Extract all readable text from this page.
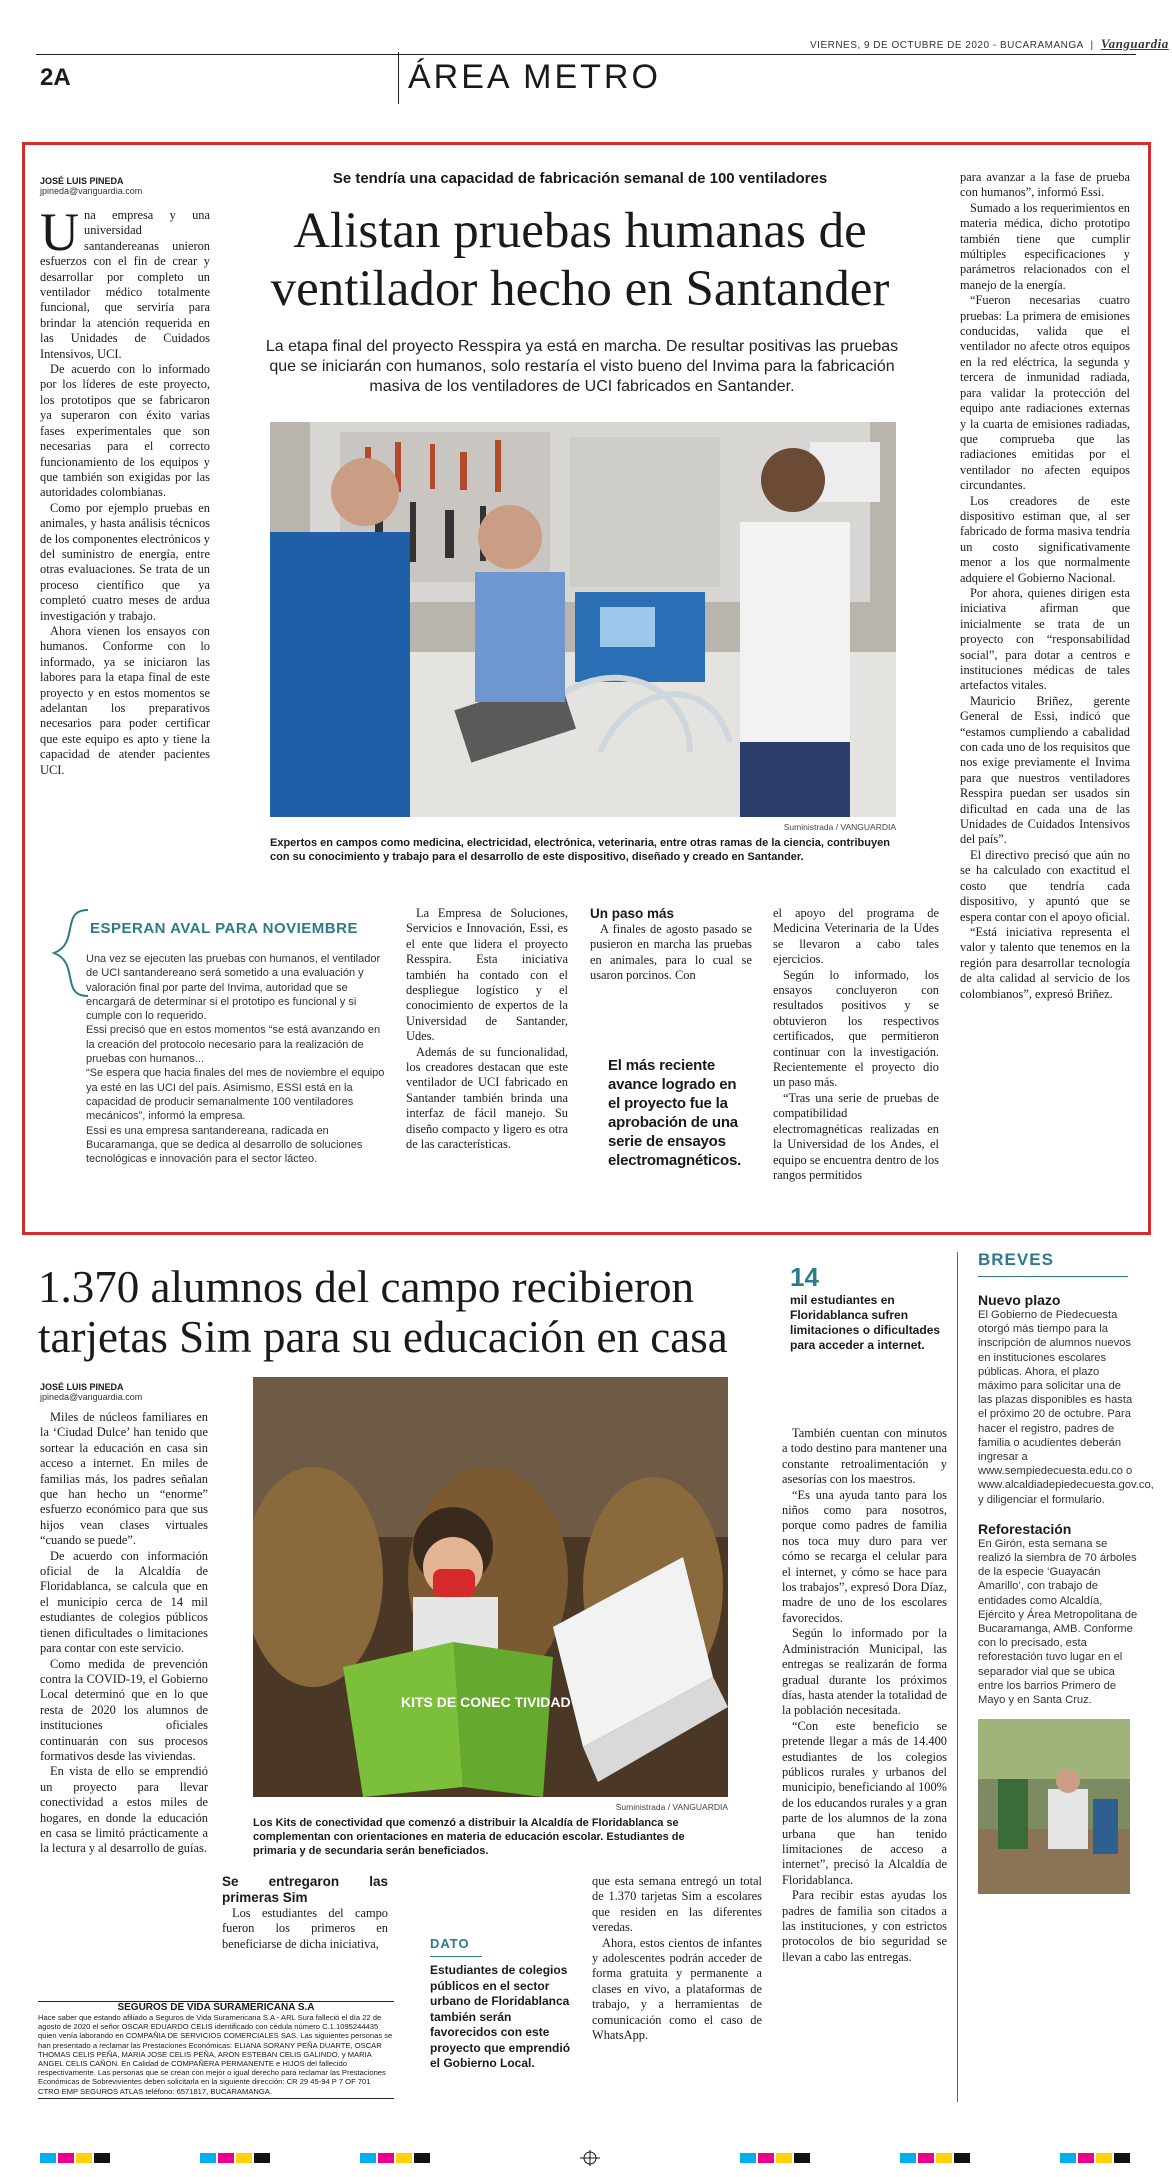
VIERNES, 9 DE OCTUBRE DE 2020 - BUCARAMANGA | Vanguardia
2A	ÁREA METRO
JOSÉ LUIS PINEDA
jpineda@vanguardia.com
U na empresa y una universidad santandereanas unieron esfuerzos con el fin de crear y desarrollar por completo un ventilador médico totalmente funcional, que serviría para brindar la atención requerida en las Unidades de Cuidados Intensivos, UCI.

De acuerdo con lo informado por los líderes de este proyecto, los prototipos que se fabricaron ya superaron con éxito varias fases experimentales que son necesarias para el correcto funcionamiento de los equipos y que también son exigidas por las autoridades colombianas.

Como por ejemplo pruebas en animales, y hasta análisis técnicos de los componentes electrónicos y del suministro de energía, entre otras evaluaciones. Se trata de un proceso científico que ya completó cuatro meses de ardua investigación y trabajo.

Ahora vienen los ensayos con humanos. Conforme con lo informado, ya se iniciaron las labores para la etapa final de este proyecto y en estos momentos se adelantan los preparativos necesarios para poder certificar que este equipo es apto y tiene la capacidad de atender pacientes UCI.

Se tendría una capacidad de fabricación semanal de 100 ventiladores
Alistan pruebas humanas de
ventilador hecho en Santander
La etapa final del proyecto Resspira ya está en marcha. De resultar positivas las pruebas que se iniciarán con humanos, solo restaría el visto bueno del Invima para la fabricación masiva de los ventiladores de UCI fabricados en Santander.
Suministrada / VANGUARDIA
Expertos en campos como medicina, electricidad, electrónica, veterinaria, entre otras ramas de la ciencia, contribuyen con su conocimiento y trabajo para el desarrollo de este dispositivo, diseñado y creado en Santander.
ESPERAN AVAL PARA NOVIEMBRE

Una vez se ejecuten las pruebas con humanos, el ventilador de UCI santandereano será sometido a una evaluación y valoración final por parte del Invima, autoridad que se encargará de determinar si el prototipo es funcional y si cumple con lo requerido.

Essi precisó que en estos momentos “se está avanzando en la creación del protocolo necesario para la realización de pruebas con humanos...

“Se espera que hacia finales del mes de noviembre el equipo ya esté en las UCI del país. Asimismo, ESSI está en la capacidad de producir semanalmente 100 ventiladores mecánicos”, informó la empresa.

Essi es una empresa santandereana, radicada en Bucaramanga, que se dedica al desarrollo de soluciones tecnológicas e innovación para el sector lácteo.

La Empresa de Soluciones, Servicios e Innovación, Essi, es el ente que lidera el proyecto Resspira. Esta iniciativa también ha contado con el despliegue logístico y el conocimiento de expertos de la Universidad de Santander, Udes.

Además de su funcionalidad, los creadores destacan que este ventilador de UCI fabricado en Santander también brinda una interfaz de fácil manejo. Su diseño compacto y ligero es otra de las características.

Un paso más

A finales de agosto pasado se pusieron en marcha las pruebas en animales, para lo cual se usaron porcinos. Con

El más reciente avance logrado en el proyecto fue la aprobación de una serie de ensayos electromagnéticos.

el apoyo del programa de Medicina Veterinaria de la Udes se llevaron a cabo tales ejercicios.

Según lo informado, los ensayos concluyeron con resultados positivos y se obtuvieron los respectivos certificados, que permitieron continuar con la investigación. Recientemente el proyecto dio un paso más.

“Tras una serie de pruebas de compatibilidad electromagnéticas realizadas en la Universidad de los Andes, el equipo se encuentra dentro de los rangos permitidos

para avanzar a la fase de prueba con humanos”, informó Essi.

Sumado a los requerimientos en materia médica, dicho prototipo también tiene que cumplir múltiples especificaciones y parámetros relacionados con el manejo de la energía.

“Fueron necesarias cuatro pruebas: La primera de emisiones conducidas, valida que el ventilador no afecte otros equipos en la red eléctrica, la segunda y tercera de inmunidad radiada, para validar la protección del equipo ante radiaciones externas y la cuarta de emisiones radiadas, que comprueba que las radiaciones emitidas por el ventilador no afecten equipos circundantes.

Los creadores de este dispositivo estiman que, al ser fabricado de forma masiva tendría un costo significativamente menor a los que normalmente adquiere el Gobierno Nacional.

Por ahora, quienes dirigen esta iniciativa afirman que inicialmente se trata de un proyecto con “responsabilidad social”, para dotar a centros e instituciones médicas de tales artefactos vitales.

Mauricio Briñez, gerente General de Essi, indicó que “estamos cumpliendo a cabalidad con cada uno de los requisitos que nos exige previamente el Invima para que nuestros ventiladores Resspira puedan ser usados sin dificultad en cada una de las Unidades de Cuidados Intensivos del país”.

El directivo precisó que aún no se ha calculado con exactitud el costo que tendría cada dispositivo, y apuntó que se espera contar con el apoyo oficial.

“Está iniciativa representa el valor y talento que tenemos en la región para desarrollar tecnología de alta calidad al servicio de los colombianos”, expresó Briñez.

1.370 alumnos del campo recibieron
tarjetas Sim para su educación en casa
14
mil estudiantes en Floridablanca sufren limitaciones o dificultades para acceder a internet.
JOSÉ LUIS PINEDA
jpineda@vanguardia.com

Miles de núcleos familiares en la ‘Ciudad Dulce’ han tenido que sortear la educación en casa sin acceso a internet. En miles de familias más, los padres señalan que han hecho un “enorme” esfuerzo económico para que sus hijos vean clases virtuales “cuando se puede”.

De acuerdo con información oficial de la Alcaldía de Floridablanca, se calcula que en el municipio cerca de 14 mil estudiantes de colegios públicos tienen dificultades o limitaciones para contar con este servicio.

Como medida de prevención contra la COVID-19, el Gobierno Local determinó que en lo que resta de 2020 los alumnos de instituciones oficiales continuarán con sus procesos formativos desde las viviendas.

En vista de ello se emprendió un proyecto para llevar conectividad a estos miles de hogares, en donde la educación en casa se limitó prácticamente a la lectura y al desarrollo de guías.

KITS DE CONEC TIVIDAD
Suministrada / VANGUARDIA
Los Kits de conectividad que comenzó a distribuir la Alcaldía de Floridablanca se complementan con orientaciones en materia de educación escolar. Estudiantes de primaria y de secundaria serán beneficiados.
Se entregaron las primeras Sim

Los estudiantes del campo fueron los primeros en beneficiarse de dicha iniciativa,	DATO
Estudiantes de colegios públicos en el sector urbano de Floridablanca también serán favorecidos con este proyecto que emprendió el Gobierno Local.

que esta semana entregó un total de 1.370 tarjetas Sim a escolares que residen en las diferentes veredas.

Ahora, estos cientos de infantes y adolescentes podrán acceder de forma gratuita y permanente a clases en vivo, a plataformas de trabajo, y a herramientas de comunicación como el caso de WhatsApp.

También cuentan con minutos a todo destino para mantener una constante retroalimentación y asesorías con los maestros.

“Es una ayuda tanto para los niños como para nosotros, porque como padres de familia nos toca muy duro para ver cómo se recarga el celular para el internet, y cómo se hace para los trabajos”, expresó Dora Díaz, madre de uno de los escolares favorecidos.

Según lo informado por la Administración Municipal, las entregas se realizarán de forma gradual durante los próximos días, hasta atender la totalidad de la población necesitada.

“Con este beneficio se pretende llegar a más de 14.400 estudiantes de los colegios públicos rurales y urbanos del municipio, beneficiando al 100% de los educandos rurales y a gran parte de los alumnos de la zona urbana que han tenido limitaciones de acceso a internet”, precisó la Alcaldía de Floridablanca.

Para recibir estas ayudas los padres de familia son citados a las instituciones, y con estrictos protocolos de bio seguridad se llevan a cabo las entregas.

BREVES
Nuevo plazo
El Gobierno de Piedecuesta otorgó más tiempo para la inscripción de alumnos nuevos en instituciones escolares públicas. Ahora, el plazo máximo para solicitar una de las plazas disponibles es hasta el próximo 20 de octubre. Para hacer el registro, padres de familia o acudientes deberán ingresar a www.sempiedecuesta.edu.co o www.alcaldiadepiedecuesta.gov.co, y diligenciar el formulario.
Reforestación
En Girón, esta semana se realizó la siembra de 70 árboles de la especie ‘Guayacán Amarillo’, con trabajo de entidades como Alcaldía, Ejército y Área Metropolitana de Bucaramanga, AMB. Conforme con lo precisado, esta reforestación tuvo lugar en el separador vial que se ubica entre los barrios Primero de Mayo y en Santa Cruz.
SEGUROS DE VIDA SURAMERICANA S.A
Hace saber que estando afiliado a Seguros de Vida Suramericana S.A - ARL Sura falleció el día 22 de agosto de 2020 el señor OSCAR EDUARDO CELIS identificado con cédula número C.1.1095244435 quien venía laborando en COMPAÑIA DE SERVICIOS COMERCIALES SAS. Las siguientes personas se han presentado a reclamar las Prestaciones Económicas: ELIANA SORANY PEÑA DUARTE, OSCAR THOMAS CELIS PEÑA, MARIA JOSE CELIS PEÑA, ARON ESTEBAN CELIS GALINDO, y MARIA ANGEL CELIS CAÑON. En Calidad de COMPAÑERA PERMANENTE e HIJOS del fallecido respectivamente. Las personas que se crean con mejor o igual derecho para reclamar las Prestaciones Económicas de Sobrevivientes deben solicitarla en la siguiente dirección: CR 29 45-94 P 7 OF 701 CTRO EMP SEGUROS ATLAS teléfono: 6571817, BUCARAMANGA.
